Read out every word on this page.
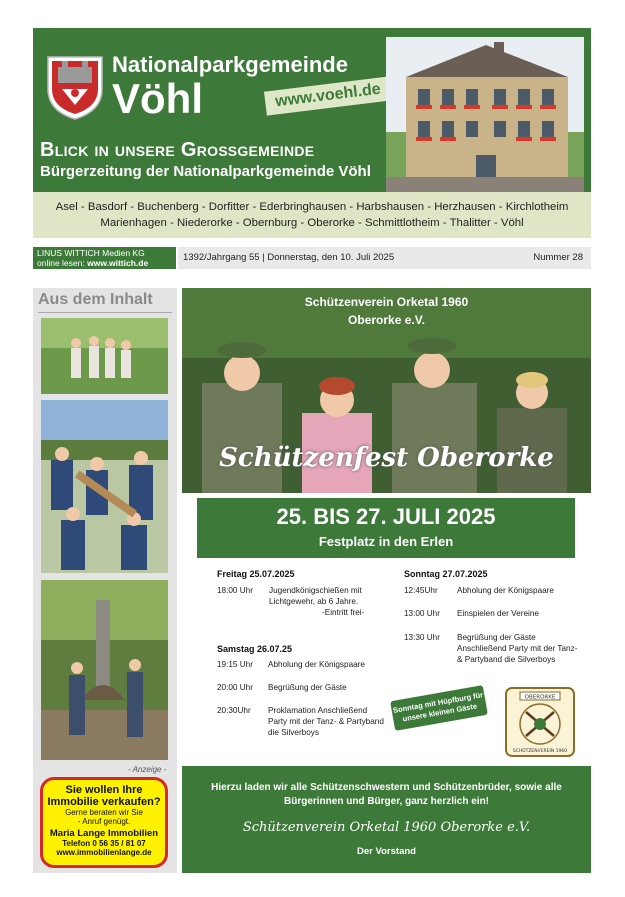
Nationalparkgemeinde
Vöhl	www.voehl.de
Blick in unsere Großgemeinde
Bürgerzeitung der Nationalparkgemeinde Vöhl
Asel - Basdorf - Buchenberg - Dorfitter - Ederbringhausen - Harbshausen - Herzhausen - Kirchlotheim
Marienhagen - Niederorke - Obernburg - Oberorke - Schmittlotheim - Thalitter - Vöhl
LINUS WITTICH Medien KG
online lesen: www.wittich.de	1392/Jahrgang 55 | Donnerstag, den 10. Juli 2025	Nummer 28
Aus dem Inhalt
- Anzeige -
Sie wollen Ihre
Immobilie verkaufen?
Gerne beraten wir Sie
- Anruf genügt.
Maria Lange Immobilien
Telefon 0 56 35 / 81 07
www.immobilienlange.de
Schützenverein Orketal 1960
Oberorke e.V.
Schützenfest Oberorke
25. BIS 27. JULI 2025
Festplatz in den Erlen
Freitag 25.07.2025
18:00 Uhr Jugendkönigschießen mit Lichtgewehr, ab 6 Jahre.
-Eintritt frei-
Samstag 26.07.25
19:15 Uhr Abholung der Königspaare
20:00 Uhr Begrüßung der Gäste
20:30Uhr Proklamation Anschließend Party mit der Tanz- & Partyband die Silverboys
Sonntag 27.07.2025
12:45Uhr Abholung der Königspaare
13:00 Uhr Einspielen der Vereine
13:30 Uhr Begrüßung der Gäste Anschließend Party mit der Tanz- & Partyband die Silverboys
Sonntag mit Hüpfburg für unsere kleinen Gäste
OBERORKE
SCHÜTZENVEREIN 1960
Hierzu laden wir alle Schützenschwestern und Schützenbrüder, sowie alle Bürgerinnen und Bürger, ganz herzlich ein!
Schützenverein Orketal 1960 Oberorke e.V.
Der Vorstand
